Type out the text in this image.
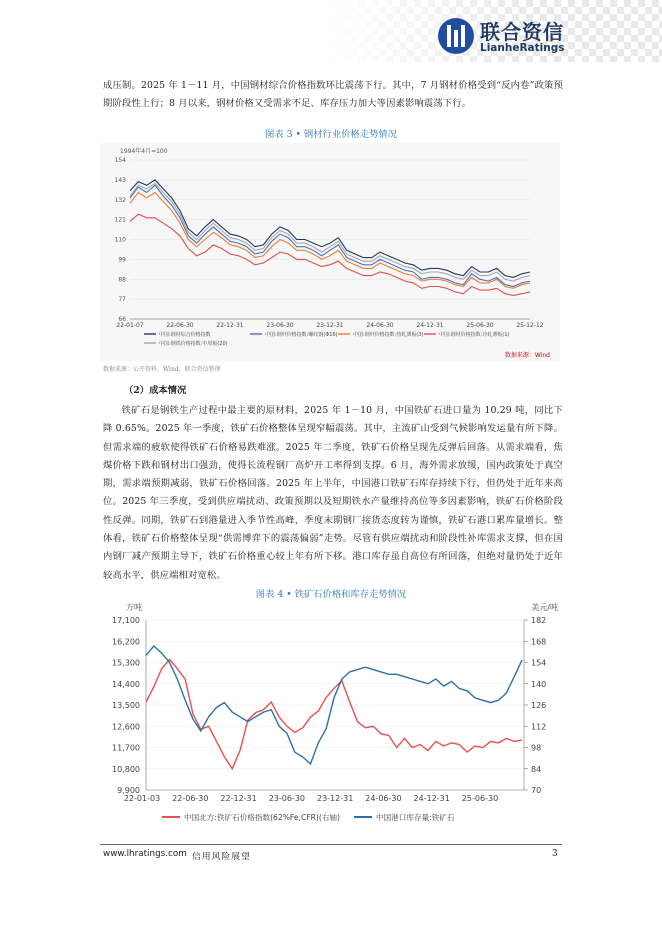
联合资信
LianheRatings
成压制。2025 年 1－11 月，中国钢材综合价格指数环比震荡下行。其中，7 月钢材价格受到“反内卷”政策预期阶段性上行；8 月以来，钢材价格又受需求不足、库存压力加大等因素影响震荡下行。
图表 3 • 钢材行业价格走势情况
1994年4月=100
154
143
132
121
110
99
88
77
66
22-01-07	22-06-30	22-12-31	23-06-30	23-12-31	24-06-30	24-12-31	25-06-30	25-12-12
中国:钢材综合价格指数	中国:钢材价格指数:螺纹钢(Φ16)	中国:钢材价格指数:热轧薄板(3)	中国:钢材价格指数:冷轧薄板(1)
中国:钢铁价格指数:中厚板(20)
数据来源：Wind
数据来源：公开资料，Wind，联合资信整理
（2）成本情况
铁矿石是钢铁生产过程中最主要的原材料，2025 年 1－10 月，中国铁矿石进口量为 10.29 吨，同比下降 0.65%。2025 年一季度，铁矿石价格整体呈现窄幅震荡。其中，主流矿山受到气候影响发运量有所下降。但需求端的疲软使得铁矿石价格易跌难涨。2025 年二季度，铁矿石价格呈现先反弹后回落。从需求端看，焦煤价格下跌和钢材出口强劲，使得长流程钢厂高炉开工率得到支撑。6 月，海外需求放缓，国内政策处于真空期，需求端预期减弱，铁矿石价格回落。2025 年上半年，中国港口铁矿石库存持续下行，但仍处于近年来高位。2025 年三季度，受到供应端扰动、政策预期以及短期铁水产量维持高位等多因素影响，铁矿石价格阶段性反弹。同期，铁矿石到港量进入季节性高峰，季度末期钢厂接货态度转为谨慎，铁矿石港口累库量增长。整体看，铁矿石价格整体呈现“供需博弈下的震荡偏弱”走势。尽管有供应端扰动和阶段性补库需求支撑，但在国内钢厂减产预期主导下，铁矿石价格重心较上年有所下移。港口库存虽自高位有所回落，但绝对量仍处于近年较高水平，供应端相对宽松。
图表 4 • 铁矿石价格和库存走势情况
万吨	美元/吨
17,100	182
16,200	168
15,300	154
14,400	140
13,500	126
12,600	112
11,700	98
10,800	84
9,900	70
22-01-03 22-06-30 22-12-31 23-06-30 23-12-31 24-06-30 24-12-31 25-06-30
中国北方:铁矿石价格指数(62%Fe,CFR)(右轴)	中国港口库存量:铁矿石
www.lhratings.com 信用风险展望	3
